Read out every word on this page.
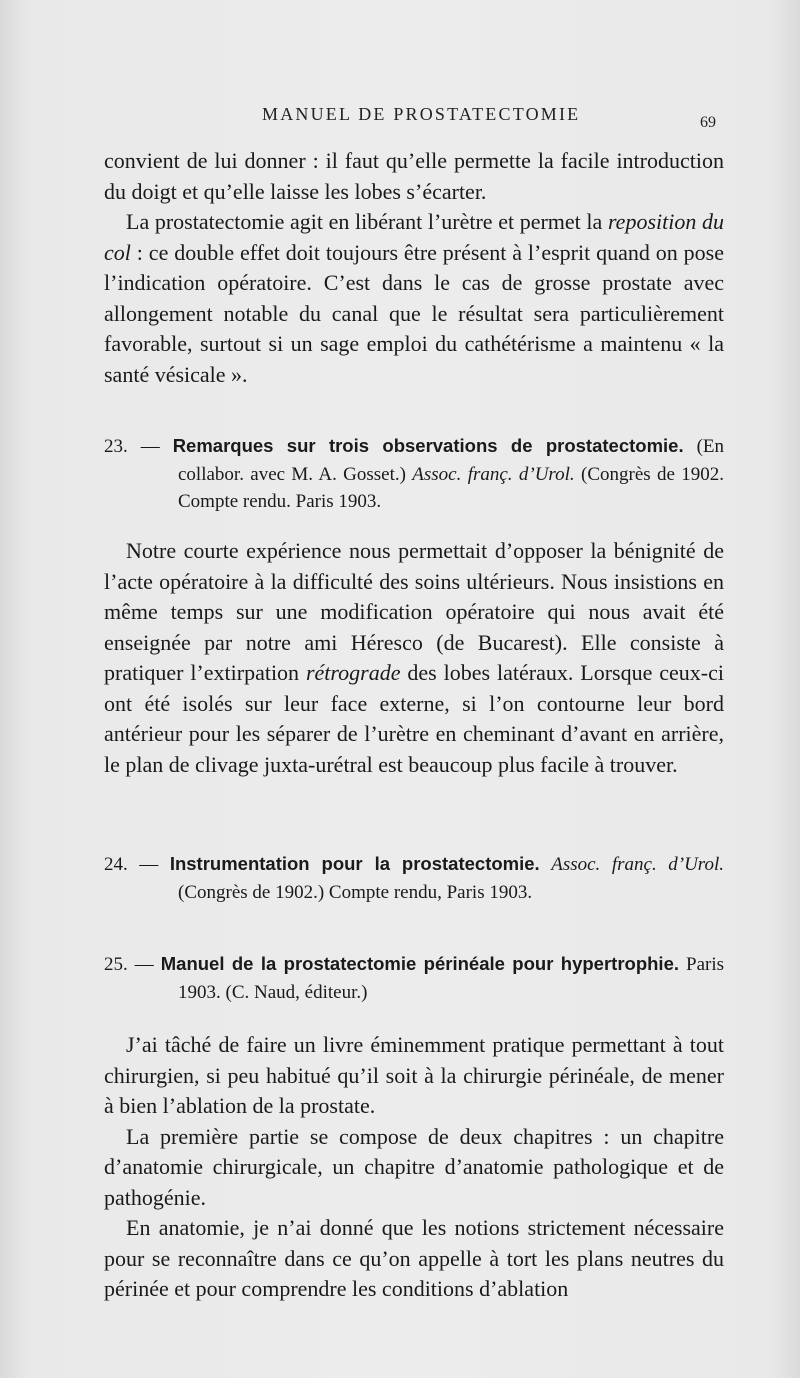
MANUEL DE PROSTATECTOMIE	69

convient de lui donner : il faut qu’elle permette la facile introduction du doigt et qu’elle laisse les lobes s’écarter.

La prostatectomie agit en libérant l’urètre et permet la reposition du col : ce double effet doit toujours être présent à l’esprit quand on pose l’indication opératoire. C’est dans le cas de grosse prostate avec allongement notable du canal que le résultat sera particulièrement favorable, surtout si un sage emploi du cathétérisme a maintenu « la santé vésicale ».

23. — Remarques sur trois observations de prostatectomie. (En collabor. avec M. A. Gosset.) Assoc. franç. d’Urol. (Congrès de 1902. Compte rendu. Paris 1903.

Notre courte expérience nous permettait d’opposer la bénignité de l’acte opératoire à la difficulté des soins ultérieurs. Nous insistions en même temps sur une modification opératoire qui nous avait été enseignée par notre ami Héresco (de Bucarest). Elle consiste à pratiquer l’extirpation rétrograde des lobes latéraux. Lorsque ceux-ci ont été isolés sur leur face externe, si l’on contourne leur bord antérieur pour les séparer de l’urètre en cheminant d’avant en arrière, le plan de clivage juxta-urétral est beaucoup plus facile à trouver.

24. — Instrumentation pour la prostatectomie. Assoc. franç. d’Urol. (Congrès de 1902.) Compte rendu, Paris 1903.

25. — Manuel de la prostatectomie périnéale pour hypertrophie. Paris 1903. (C. Naud, éditeur.)

J’ai tâché de faire un livre éminemment pratique permettant à tout chirurgien, si peu habitué qu’il soit à la chirurgie périnéale, de mener à bien l’ablation de la prostate.

La première partie se compose de deux chapitres : un chapitre d’anatomie chirurgicale, un chapitre d’anatomie pathologique et de pathogénie.

En anatomie, je n’ai donné que les notions strictement nécessaire pour se reconnaître dans ce qu’on appelle à tort les plans neutres du périnée et pour comprendre les conditions d’ablation
